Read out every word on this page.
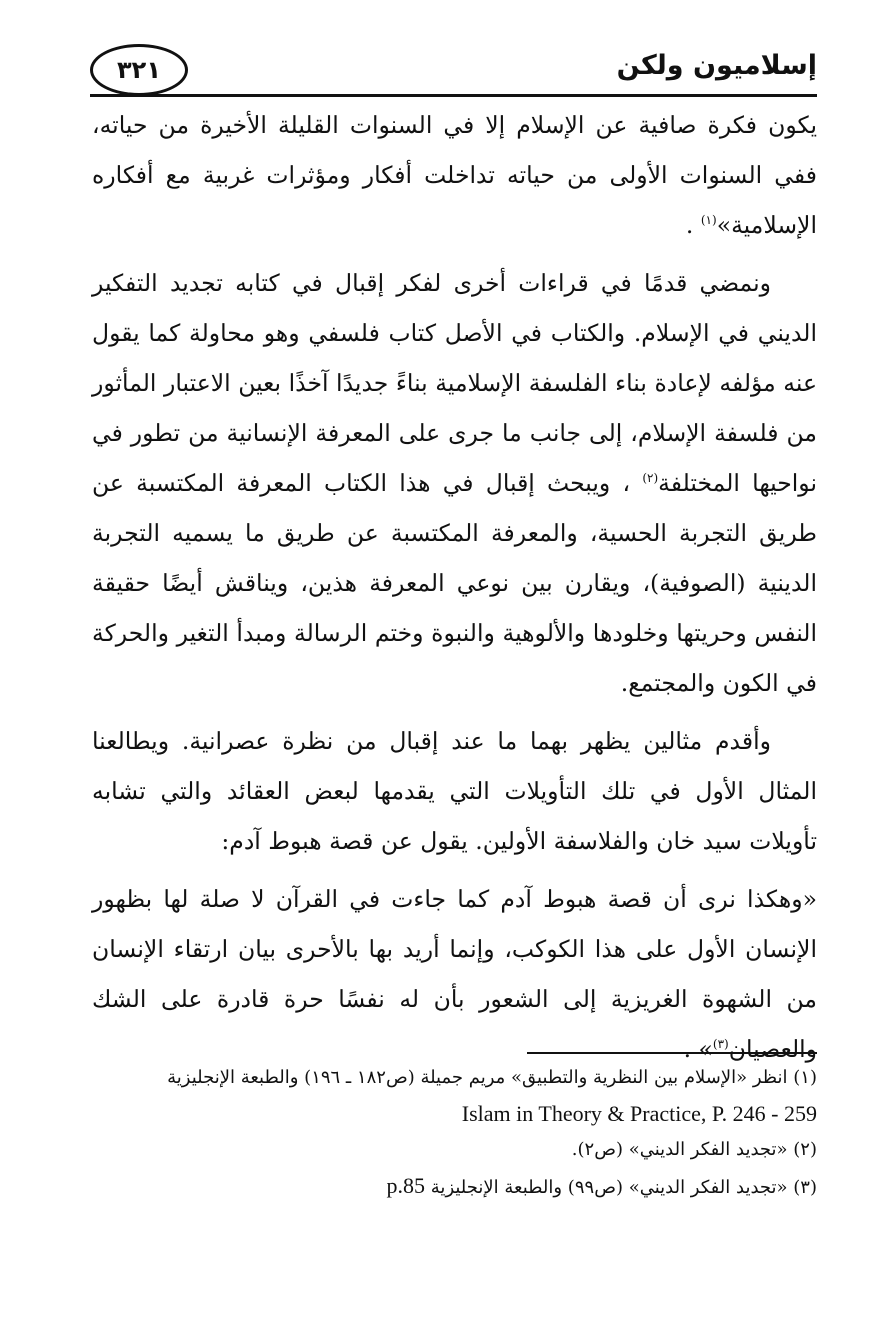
إسلاميون ولكن
٣٢١

يكون فكرة صافية عن الإسلام إلا في السنوات القليلة الأخيرة من حياته، ففي السنوات الأولى من حياته تداخلت أفكار ومؤثرات غربية مع أفكاره الإسلامية»$^{(١)}$ .

ونمضي قدمًا في قراءات أخرى لفكر إقبال في كتابه تجديد التفكير الديني في الإسلام. والكتاب في الأصل كتاب فلسفي وهو محاولة كما يقول عنه مؤلفه لإعادة بناء الفلسفة الإسلامية بناءً جديدًا آخذًا بعين الاعتبار المأثور من فلسفة الإسلام، إلى جانب ما جرى على المعرفة الإنسانية من تطور في نواحيها المختلفة$^{(٢)}$ ، ويبحث إقبال في هذا الكتاب المعرفة المكتسبة عن طريق التجربة الحسية، والمعرفة المكتسبة عن طريق ما يسميه التجربة الدينية (الصوفية)، ويقارن بين نوعي المعرفة هذين، ويناقش أيضًا حقيقة النفس وحريتها وخلودها والألوهية والنبوة وختم الرسالة ومبدأ التغير والحركة في الكون والمجتمع.

وأقدم مثالين يظهر بهما ما عند إقبال من نظرة عصرانية. ويطالعنا المثال الأول في تلك التأويلات التي يقدمها لبعض العقائد والتي تشابه تأويلات سيد خان والفلاسفة الأولين. يقول عن قصة هبوط آدم:

«وهكذا نرى أن قصة هبوط آدم كما جاءت في القرآن لا صلة لها بظهور الإنسان الأول على هذا الكوكب، وإنما أريد بها بالأحرى بيان ارتقاء الإنسان من الشهوة الغريزية إلى الشعور بأن له نفسًا حرة قادرة على الشك والعصيان$^{(٣)}$» .

(١) انظر «الإسلام بين النظرية والتطبيق» مريم جميلة (ص١٨٢ ـ ١٩٦) والطبعة الإنجليزية

Islam in Theory & Practice, P. 246 - 259

(٢) «تجديد الفكر الديني» (ص٢).

(٣) «تجديد الفكر الديني» (ص٩٩) والطبعة الإنجليزية p.85
